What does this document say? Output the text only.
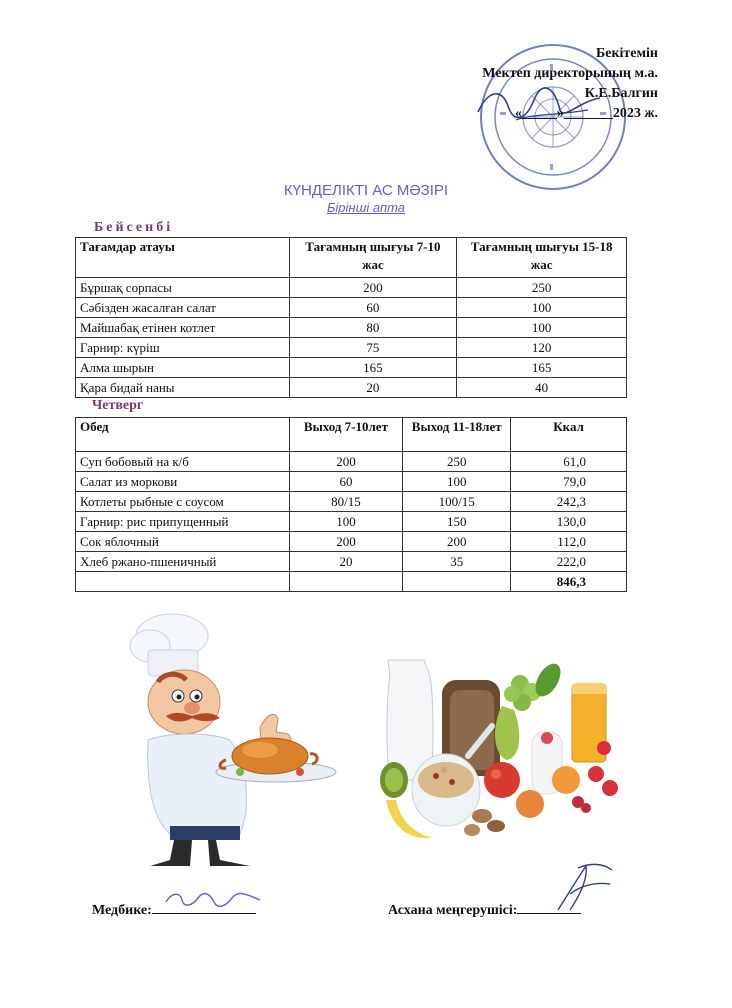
Бекітемін
Мектеп директорының м.а.
К.Е.Балгин
«_____»_______2023 ж.
КҮНДЕЛІКТІ АС МӘЗІРІ
Бірінші апта
Бейсенбі
Тағамдар атауы	Тағамның шығуы 7-10 жас	Тағамның шығуы 15-18 жас
Бұршақ сорпасы	200	250
Сәбізден жасалған салат	60	100
Майшабақ етінен котлет	80	100
Гарнир: күріш	75	120
Алма шырын	165	165
Қара бидай наны	20	40
Четверг
Обед	Выход 7-10лет	Выход 11-18лет	Ккал
Суп бобовый на к/б	200	250	61,0
Салат из моркови	60	100	79,0
Котлеты рыбные с соусом	80/15	100/15	242,3
Гарнир: рис припущенный	100	150	130,0
Сок яблочный	200	200	112,0
Хлеб ржано-пшеничный	20	35	222,0
			846,3
Медбике:	Асхана меңгерушісі:
